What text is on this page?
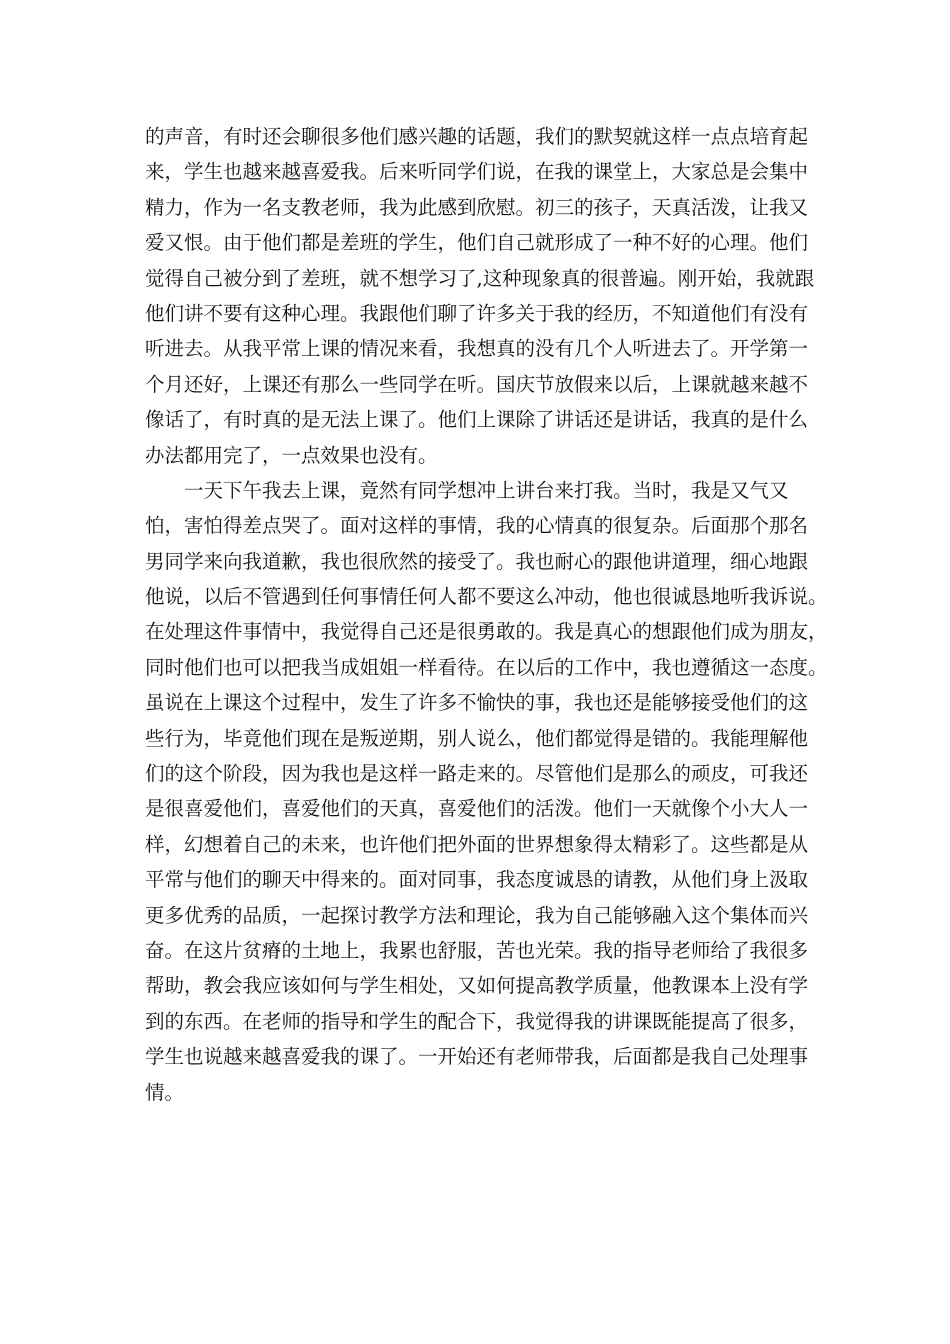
的声音，有时还会聊很多他们感兴趣的话题，我们的默契就这样一点点培育起
来，学生也越来越喜爱我。后来听同学们说，在我的课堂上，大家总是会集中
精力，作为一名支教老师，我为此感到欣慰。初三的孩子，天真活泼，让我又
爱又恨。由于他们都是差班的学生，他们自己就形成了一种不好的心理。他们
觉得自己被分到了差班，就不想学习了,这种现象真的很普遍。刚开始，我就跟
他们讲不要有这种心理。我跟他们聊了许多关于我的经历，不知道他们有没有
听进去。从我平常上课的情况来看，我想真的没有几个人听进去了。开学第一
个月还好，上课还有那么一些同学在听。国庆节放假来以后，上课就越来越不
像话了，有时真的是无法上课了。他们上课除了讲话还是讲话，我真的是什么
办法都用完了，一点效果也没有。
　　一天下午我去上课，竟然有同学想冲上讲台来打我。当时，我是又气又
怕，害怕得差点哭了。面对这样的事情，我的心情真的很复杂。后面那个那名
男同学来向我道歉，我也很欣然的接受了。我也耐心的跟他讲道理，细心地跟
他说，以后不管遇到任何事情任何人都不要这么冲动，他也很诚恳地听我诉说。
在处理这件事情中，我觉得自己还是很勇敢的。我是真心的想跟他们成为朋友，
同时他们也可以把我当成姐姐一样看待。在以后的工作中，我也遵循这一态度。
虽说在上课这个过程中，发生了许多不愉快的事，我也还是能够接受他们的这
些行为，毕竟他们现在是叛逆期，别人说么，他们都觉得是错的。我能理解他
们的这个阶段，因为我也是这样一路走来的。尽管他们是那么的顽皮，可我还
是很喜爱他们，喜爱他们的天真，喜爱他们的活泼。他们一天就像个小大人一
样，幻想着自己的未来，也许他们把外面的世界想象得太精彩了。这些都是从
平常与他们的聊天中得来的。面对同事，我态度诚恳的请教，从他们身上汲取
更多优秀的品质，一起探讨教学方法和理论，我为自己能够融入这个集体而兴
奋。在这片贫瘠的土地上，我累也舒服，苦也光荣。我的指导老师给了我很多
帮助，教会我应该如何与学生相处，又如何提高教学质量，他教课本上没有学
到的东西。在老师的指导和学生的配合下，我觉得我的讲课既能提高了很多，
学生也说越来越喜爱我的课了。一开始还有老师带我，后面都是我自己处理事
情。
